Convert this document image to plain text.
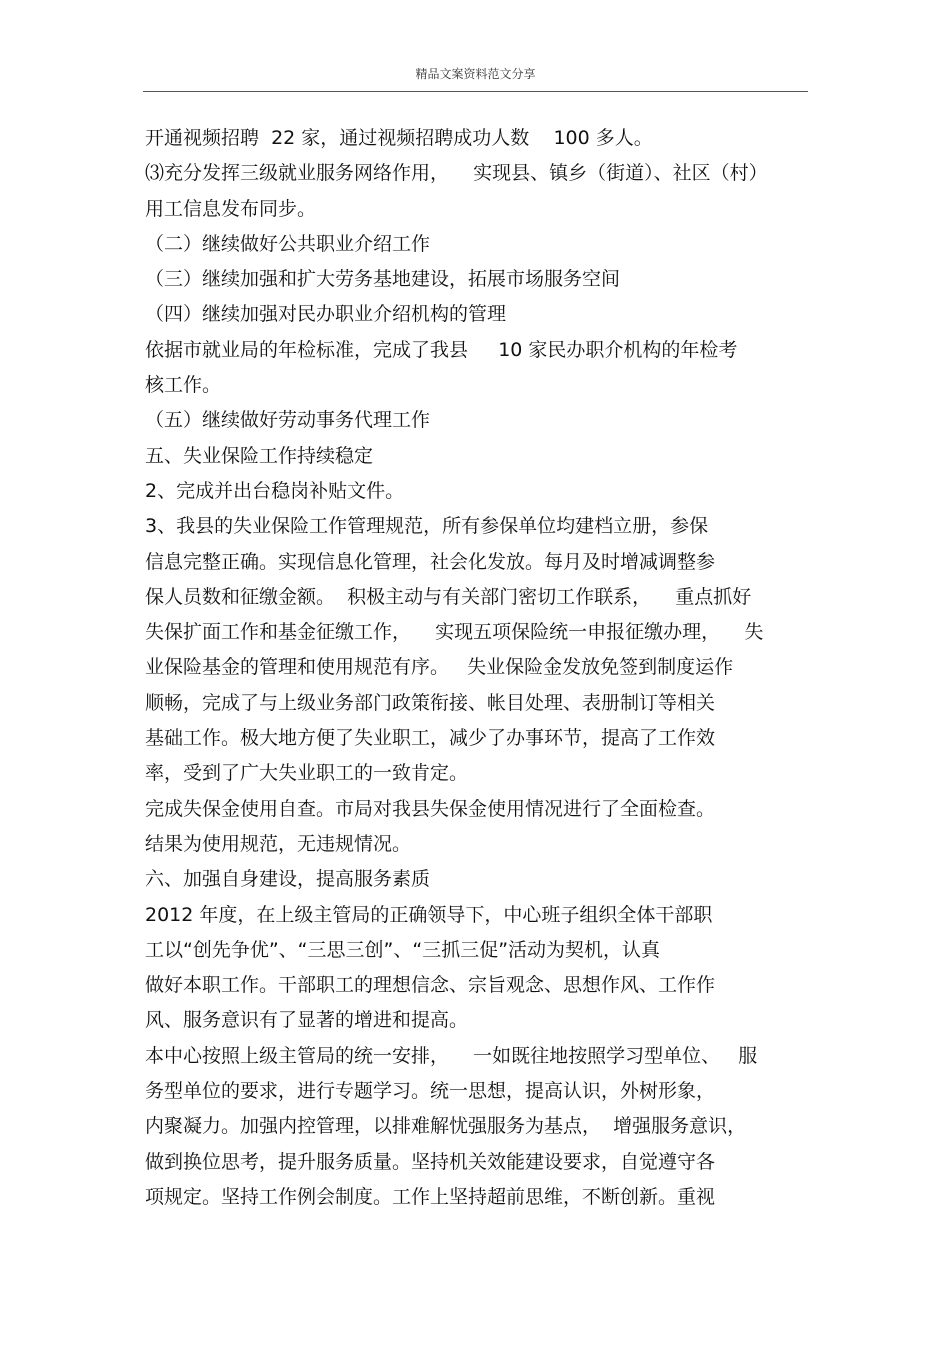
精品文案资料范文分享
开通视频招聘  22 家，通过视频招聘成功人数    100 多人。
⑶充分发挥三级就业服务网络作用，    实现县、镇乡（街道）、社区（村）
用工信息发布同步。
（二）继续做好公共职业介绍工作
（三）继续加强和扩大劳务基地建设，拓展市场服务空间
（四）继续加强对民办职业介绍机构的管理
依据市就业局的年检标准，完成了我县     10 家民办职介机构的年检考
核工作。
（五）继续做好劳动事务代理工作
五、失业保险工作持续稳定
2、完成并出台稳岗补贴文件。
3、我县的失业保险工作管理规范，所有参保单位均建档立册，参保
信息完整正确。实现信息化管理，社会化发放。每月及时增减调整参
保人员数和征缴金额。  积极主动与有关部门密切工作联系，    重点抓好
失保扩面工作和基金征缴工作，    实现五项保险统一申报征缴办理，    失
业保险基金的管理和使用规范有序。   失业保险金发放免签到制度运作
顺畅，完成了与上级业务部门政策衔接、帐目处理、表册制订等相关
基础工作。极大地方便了失业职工，减少了办事环节，提高了工作效
率，受到了广大失业职工的一致肯定。
完成失保金使用自查。市局对我县失保金使用情况进行了全面检查。
结果为使用规范，无违规情况。
六、加强自身建设，提高服务素质
2012 年度，在上级主管局的正确领导下，中心班子组织全体干部职
工以“创先争优”、“三思三创”、“三抓三促”活动为契机，认真
做好本职工作。干部职工的理想信念、宗旨观念、思想作风、工作作
风、服务意识有了显著的增进和提高。
本中心按照上级主管局的统一安排，    一如既往地按照学习型单位、   服
务型单位的要求，进行专题学习。统一思想，提高认识，外树形象，
内聚凝力。加强内控管理，以排难解忧强服务为基点，  增强服务意识，
做到换位思考，提升服务质量。坚持机关效能建设要求，自觉遵守各
项规定。坚持工作例会制度。工作上坚持超前思维，不断创新。重视
